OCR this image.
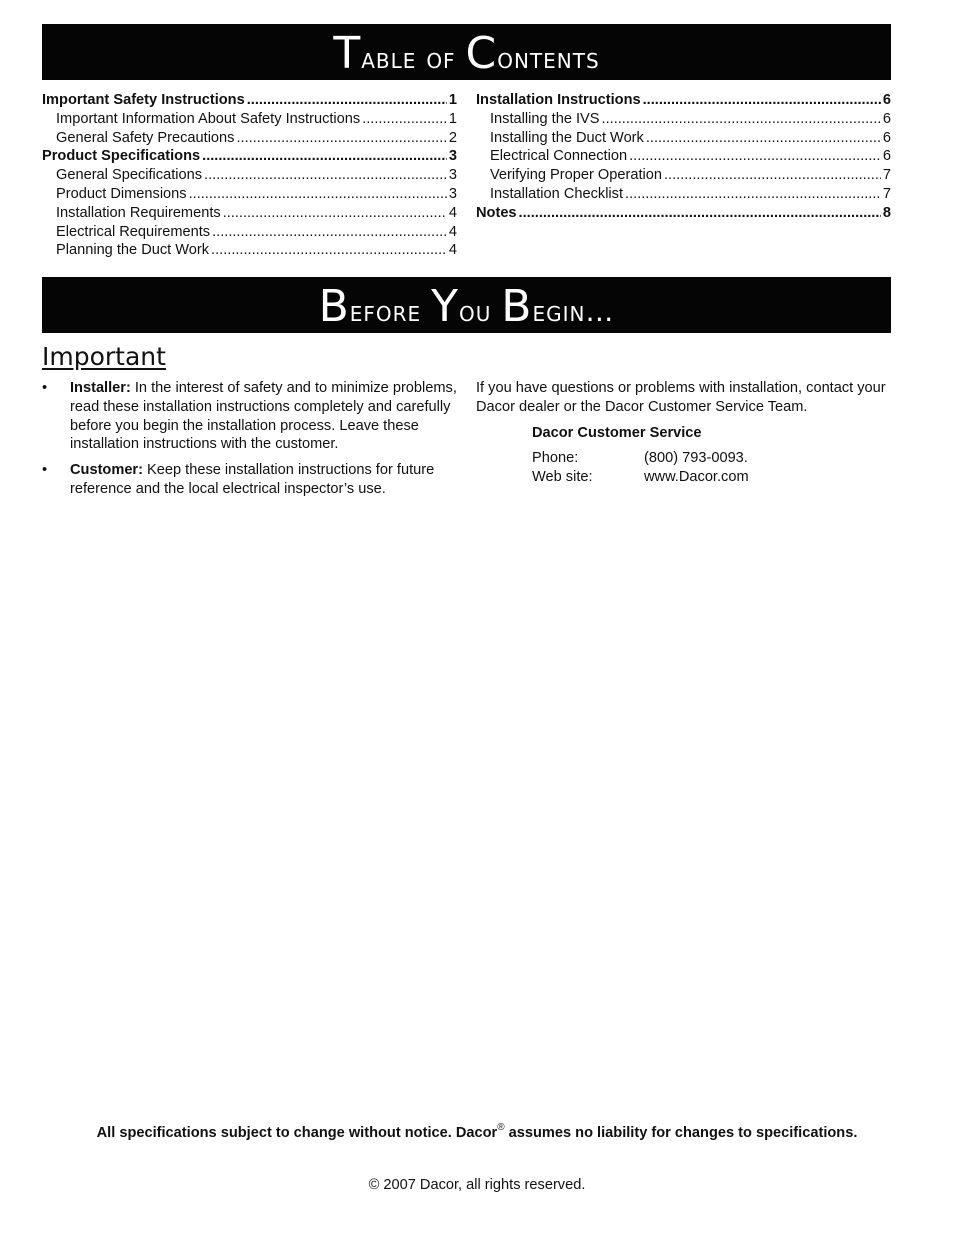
Table of Contents
Important Safety Instructions .....	1
Important Information About Safety Instructions .....	1
General Safety Precautions .....	2
Product Specifications .....	3
General Specifications .....	3
Product Dimensions .....	3
Installation Requirements .....	4
Electrical Requirements .....	4
Planning the Duct Work .....	4
Installation Instructions .....	6
Installing the IVS .....	6
Installing the Duct Work .....	6
Electrical Connection .....	6
Verifying Proper Operation .....	7
Installation Checklist .....	7
Notes .....	8
Before You Begin…
Important
• Installer: In the interest of safety and to minimize problems, read these installation instructions completely and carefully before you begin the installation process. Leave these installation instructions with the customer.
• Customer: Keep these installation instructions for future reference and the local electrical inspector’s use.

If you have questions or problems with installation, contact your Dacor dealer or the Dacor Customer Service Team.

Dacor Customer Service

Phone:	(800) 793-0093.
Web site:	www.Dacor.com

All specifications subject to change without notice. Dacor® assumes no liability for changes to specifications.

© 2007 Dacor, all rights reserved.
